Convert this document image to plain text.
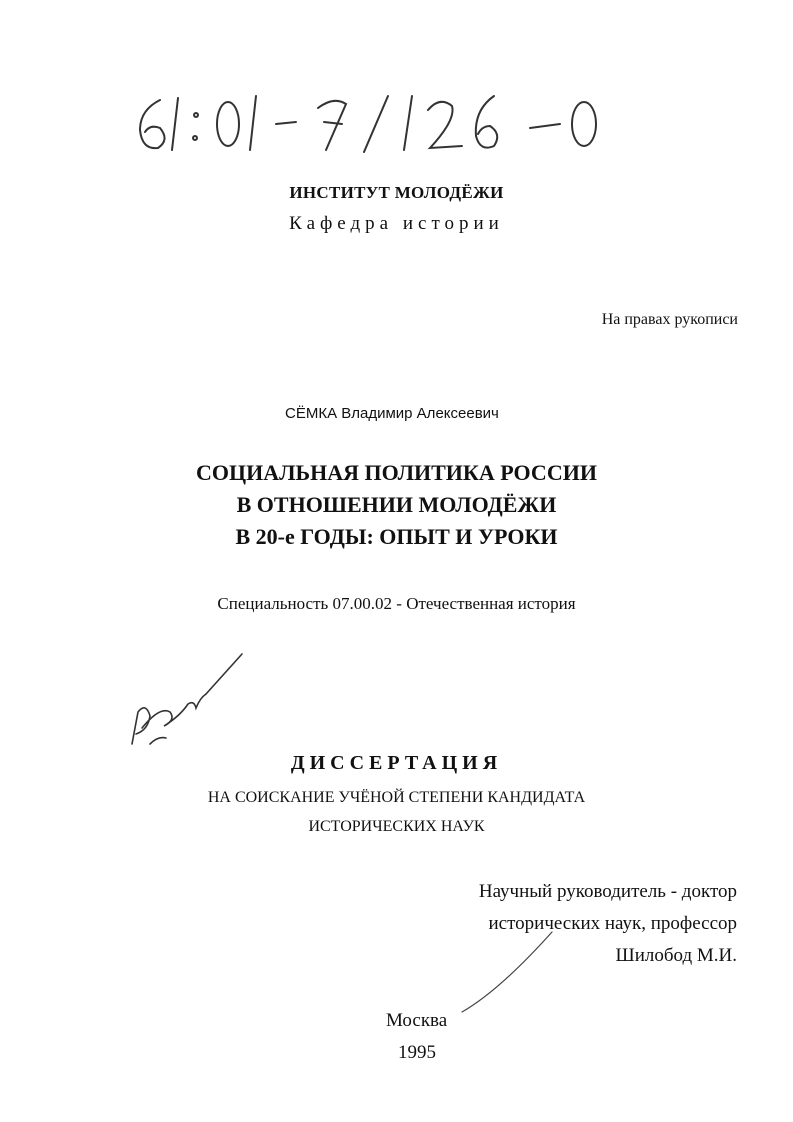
ИНСТИТУТ МОЛОДЁЖИ
Кафедра истории
На правах рукописи
СЁМКА Владимир Алексеевич
СОЦИАЛЬНАЯ ПОЛИТИКА РОССИИ
В ОТНОШЕНИИ МОЛОДЁЖИ
В 20-е ГОДЫ: ОПЫТ И УРОКИ
Специальность 07.00.02 - Отечественная история
ДИССЕРТАЦИЯ
НА СОИСКАНИЕ УЧЁНОЙ СТЕПЕНИ КАНДИДАТА
ИСТОРИЧЕСКИХ НАУК
Научный руководитель - доктор
исторических наук, профессор
Шилобод М.И.
Москва
1995
